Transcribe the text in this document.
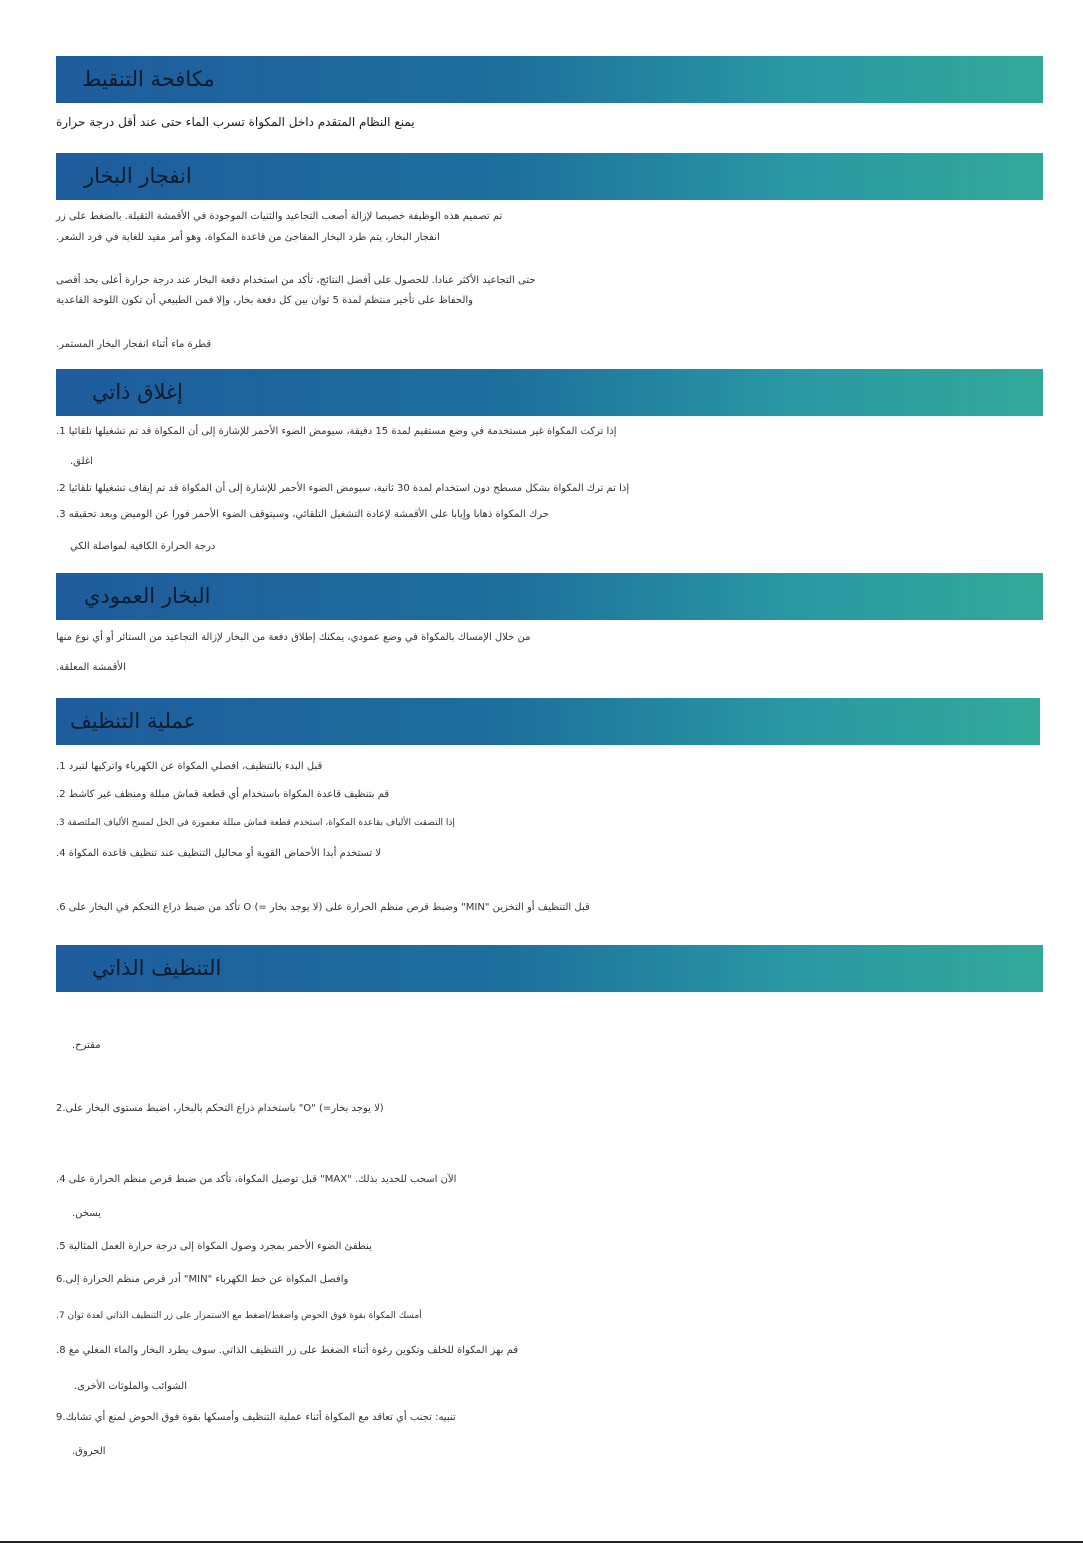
مكافحة التنقيط
يمنع النظام المتقدم داخل المكواة تسرب الماء حتى عند أقل درجة حرارة
انفجار البخار
تم تصميم هذه الوظيفة خصيصا لإزالة أصعب التجاعيد والثنيات الموجودة في الأقمشة الثقيلة. بالضغط على زر
انفجار البخار، يتم طرد البخار المفاجئ من قاعدة المكواة، وهو أمر مفيد للغاية في فرد الشعر.
حتى التجاعيد الأكثر عنادا. للحصول على أفضل النتائج، تأكد من استخدام دفعة البخار عند درجة حرارة أعلى بحد أقصى
والحفاظ على تأخير منتظم لمدة 5 ثوان بين كل دفعة بخار، وإلا فمن الطبيعي أن تكون اللوحة القاعدية
قطرة ماء أثناء انفجار البخار المستمر.
إغلاق ذاتي
إذا تركت المكواة غير مستخدمة في وضع مستقيم لمدة 15 دقيقة، سيومض الضوء الأحمر للإشارة إلى أن المكواة قد تم تشغيلها تلقائيا 1.
اغلق.
إذا تم ترك المكواة بشكل مسطح دون استخدام لمدة 30 ثانية، سيومض الضوء الأحمر للإشارة إلى أن المكواة قد تم إيقاف تشغيلها تلقائيا 2.
حرك المكواة ذهابا وإيابا على الأقمشة لإعادة التشغيل التلقائي، وسيتوقف الضوء الأحمر فورا عن الوميض وبعد تحقيقه 3.
درجة الحرارة الكافية لمواصلة الكي
البخار العمودي
من خلال الإمساك بالمكواة في وضع عمودي، يمكنك إطلاق دفعة من البخار لإزالة التجاعيد من الستائر أو أي نوع منها
الأقمشة المعلقة.
عملية التنظيف
قبل البدء بالتنظيف، افصلي المكواة عن الكهرباء واتركيها لتبرد 1.
قم بتنظيف قاعدة المكواة باستخدام أي قطعة قماش مبللة ومنظف غير كاشط 2.
إذا التصقت الألياف بقاعدة المكواة، استخدم قطعة قماش مبللة مغمورة في الخل لمسح الألياف الملتصقة 3.
لا تستخدم أبدا الأحماض القوية أو محاليل التنظيف عند تنظيف قاعدة المكواة 4.
قبل التنظيف أو التخزين "MIN" وضبط قرص منظم الحرارة على (لا يوجد بخار =) O تأكد من ضبط ذراع التحكم في البخار على 6.
التنظيف الذاتي
مقترح.
(لا يوجد بخار=) "O" باستخدام ذراع التحكم بالبخار، اضبط مستوى البخار على.2
الآن اسحب للحديد بذلك. "MAX" قبل توصيل المكواة، تأكد من ضبط قرص منظم الحرارة على 4.
يسخن.
ينطفئ الضوء الأحمر بمجرد وصول المكواة إلى درجة حرارة العمل المثالية 5.
وافصل المكواة عن خط الكهرباء "MIN" أدر قرص منظم الحرارة إلى.6
أمسك المكواة بقوة فوق الحوض واضغط/اضغط مع الاستمرار على زر التنظيف الذاتي لعدة ثوان 7.
قم بهز المكواة للخلف وتكوين رغوة أثناء الضغط على زر التنظيف الذاتي. سوف يطرد البخار والماء المغلي مع 8.
الشوائب والملوثات الأخرى.
تنبيه: تجنب أي تعاقد مع المكواة أثناء عملية التنظيف وأمسكها بقوة فوق الحوض لمنع أي تشابك.9
الحروق.
